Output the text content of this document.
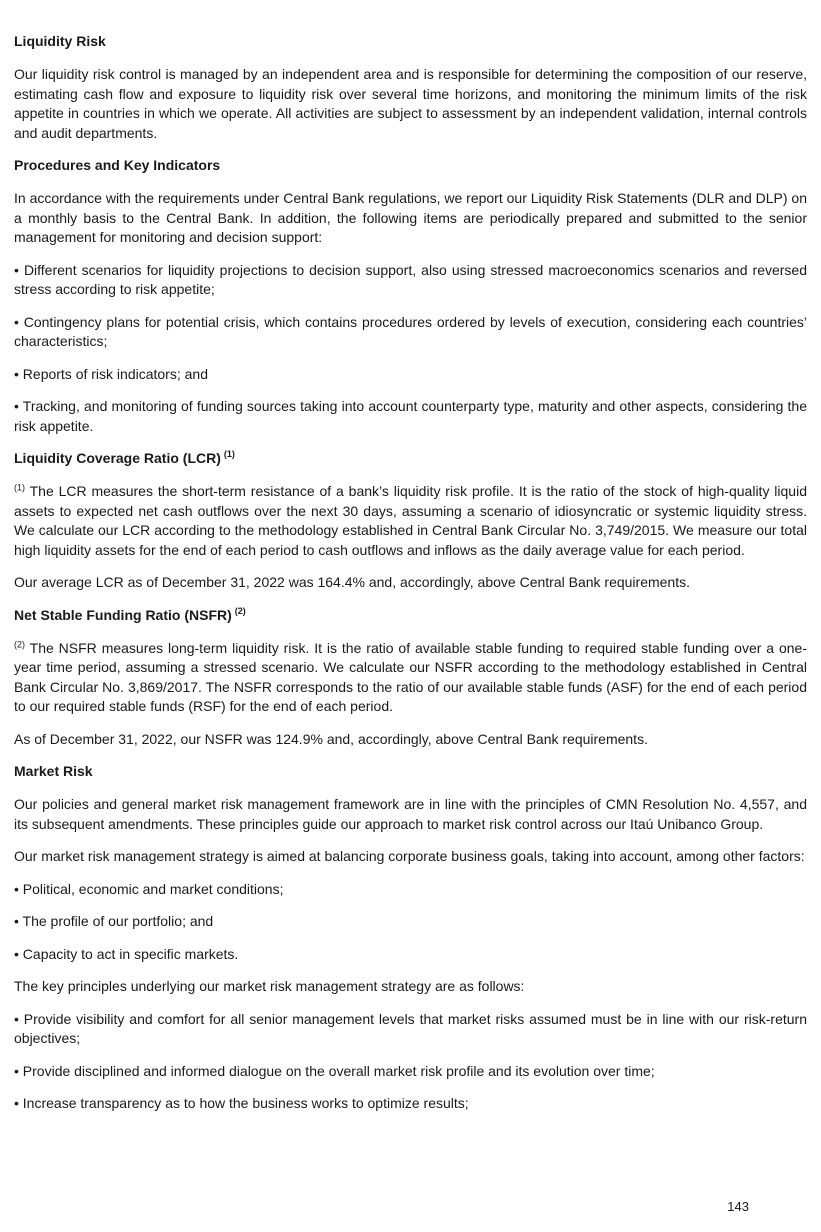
Liquidity Risk

Our liquidity risk control is managed by an independent area and is responsible for determining the composition of our reserve, estimating cash flow and exposure to liquidity risk over several time horizons, and monitoring the minimum limits of the risk appetite in countries in which we operate. All activities are subject to assessment by an independent validation, internal controls and audit departments.

Procedures and Key Indicators

In accordance with the requirements under Central Bank regulations, we report our Liquidity Risk Statements (DLR and DLP) on a monthly basis to the Central Bank. In addition, the following items are periodically prepared and submitted to the senior management for monitoring and decision support:

• Different scenarios for liquidity projections to decision support, also using stressed macroeconomics scenarios and reversed stress according to risk appetite;

• Contingency plans for potential crisis, which contains procedures ordered by levels of execution, considering each countries’ characteristics;

• Reports of risk indicators; and

• Tracking, and monitoring of funding sources taking into account counterparty type, maturity and other aspects, considering the risk appetite.

Liquidity Coverage Ratio (LCR) $^{(1)}$

$^{(1)}$ The LCR measures the short-term resistance of a bank’s liquidity risk profile. It is the ratio of the stock of high-quality liquid assets to expected net cash outflows over the next 30 days, assuming a scenario of idiosyncratic or systemic liquidity stress. We calculate our LCR according to the methodology established in Central Bank Circular No. 3,749/2015. We measure our total high liquidity assets for the end of each period to cash outflows and inflows as the daily average value for each period.

Our average LCR as of December 31, 2022 was 164.4% and, accordingly, above Central Bank requirements.

Net Stable Funding Ratio (NSFR) $^{(2)}$

$^{(2)}$ The NSFR measures long-term liquidity risk. It is the ratio of available stable funding to required stable funding over a one-year time period, assuming a stressed scenario. We calculate our NSFR according to the methodology established in Central Bank Circular No. 3,869/2017. The NSFR corresponds to the ratio of our available stable funds (ASF) for the end of each period to our required stable funds (RSF) for the end of each period.

As of December 31, 2022, our NSFR was 124.9% and, accordingly, above Central Bank requirements.

Market Risk

Our policies and general market risk management framework are in line with the principles of CMN Resolution No. 4,557, and its subsequent amendments. These principles guide our approach to market risk control across our Itaú Unibanco Group.

Our market risk management strategy is aimed at balancing corporate business goals, taking into account, among other factors:

• Political, economic and market conditions;

• The profile of our portfolio; and

• Capacity to act in specific markets.

The key principles underlying our market risk management strategy are as follows:

• Provide visibility and comfort for all senior management levels that market risks assumed must be in line with our risk-return objectives;

• Provide disciplined and informed dialogue on the overall market risk profile and its evolution over time;

• Increase transparency as to how the business works to optimize results;

143
